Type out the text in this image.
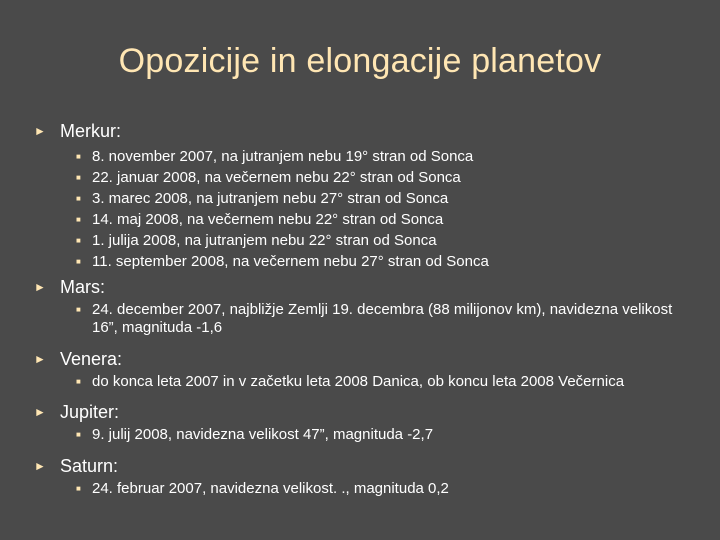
Opozicije in elongacije planetov
► Merkur:
■ 8. november 2007, na jutranjem nebu 19° stran od Sonca
■ 22. januar 2008, na večernem nebu 22° stran od Sonca
■ 3. marec 2008, na jutranjem nebu 27° stran od Sonca
■ 14. maj 2008, na večernem nebu 22° stran od Sonca
■ 1. julija 2008, na jutranjem nebu 22° stran od Sonca
■ 11. september 2008, na večernem nebu 27° stran od Sonca
► Mars:
■ 24. december 2007, najbližje Zemlji 19. decembra (88 milijonov km), navidezna velikost 16”, magnituda -1,6
► Venera:
■ do konca leta 2007 in v začetku leta 2008 Danica, ob koncu leta 2008 Večernica
► Jupiter:
■ 9. julij 2008, navidezna velikost 47”, magnituda -2,7
► Saturn:
■ 24. februar 2007, navidezna velikost. ., magnituda 0,2
